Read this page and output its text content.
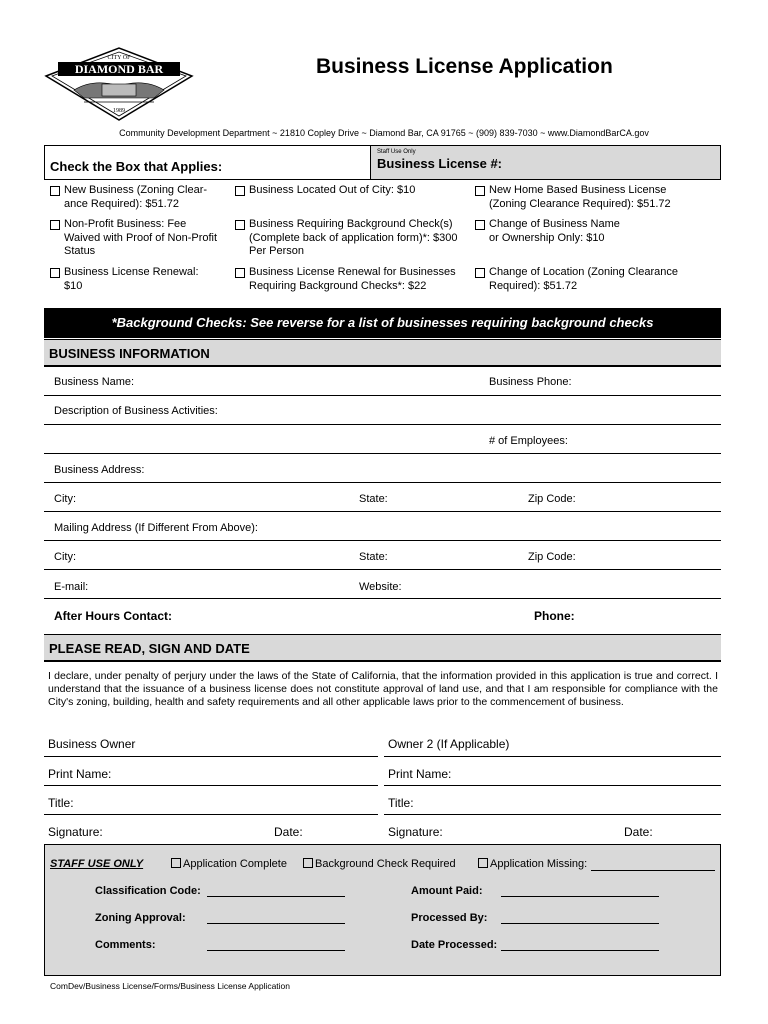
CITY OF
DIAMOND BAR
1989
Business License Application
Community Development Department ~ 21810 Copley Drive ~ Diamond Bar, CA 91765 ~ (909) 839-7030 ~ www.DiamondBarCA.gov
Check the Box that Applies:
Staff Use Only
Business License #:
New Business (Zoning Clear-
ance Required): $51.72
Business Located Out of City: $10	New Home Based Business License
(Zoning Clearance Required): $51.72
Non-Profit Business: Fee
Waived with Proof of Non-Profit
Status
Business Requiring Background Check(s)
(Complete back of application form)*: $300
Per Person
Change of Business Name
or Ownership Only: $10
Business License Renewal:
$10
Business License Renewal for Businesses
Requiring Background Checks*: $22
Change of Location (Zoning Clearance
Required): $51.72
*Background Checks: See reverse for a list of businesses requiring background checks
BUSINESS INFORMATION
Business Name:	Business Phone:
Description of Business Activities:
# of Employees:
Business Address:
City:	State:	Zip Code:
Mailing Address (If Different From Above):
City:	State:	Zip Code:
E-mail:	Website:
After Hours Contact:	Phone:
PLEASE READ, SIGN AND DATE
I declare, under penalty of perjury under the laws of the State of California, that the information provided in this application is true and correct. I understand that the issuance of a business license does not constitute approval of land use, and that I am responsible for compliance with the City's zoning, building, health and safety requirements and all other applicable laws prior to the commencement of business.
Business Owner	Owner 2 (If Applicable)
Print Name:	Print Name:
Title:	Title:
Signature:	Date:	Signature:	Date:
STAFF USE ONLY	Application Complete	Background Check Required	Application Missing:
Classification Code:
Zoning Approval:
Comments:
Amount Paid:
Processed By:
Date Processed:
ComDev/Business License/Forms/Business License Application
